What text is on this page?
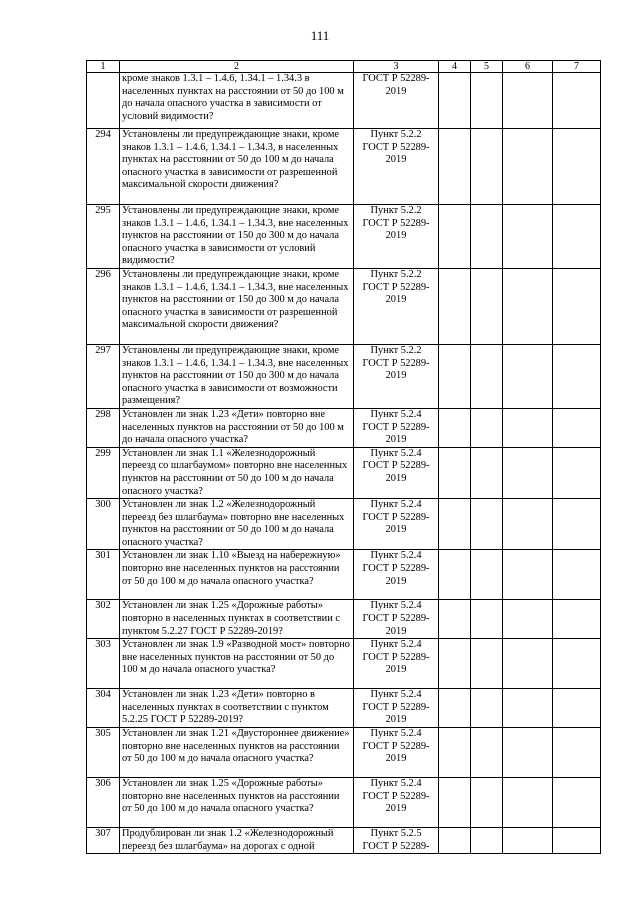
111
1	2	3	4	5	6	7
	кроме знаков 1.3.1 – 1.4.6, 1.34.1 – 1.34.3 в населенных пунктах на расстоянии от 50 до 100 м до начала опасного участка в зависимости от условий видимости?	ГОСТ Р 52289-2019				
294	Установлены ли предупреждающие знаки, кроме знаков 1.3.1 – 1.4.6, 1.34.1 – 1.34.3, в населенных пунктах на расстоянии от 50 до 100 м до начала опасного участка в зависимости от разрешенной максимальной скорости движения?	Пункт 5.2.2 ГОСТ Р 52289-2019				
295	Установлены ли предупреждающие знаки, кроме знаков 1.3.1 – 1.4.6, 1.34.1 – 1.34.3, вне населенных пунктов на расстоянии от 150 до 300 м до начала опасного участка в зависимости от условий видимости?	Пункт 5.2.2 ГОСТ Р 52289-2019				
296	Установлены ли предупреждающие знаки, кроме знаков 1.3.1 – 1.4.6, 1.34.1 – 1.34.3, вне населенных пунктов на расстоянии от 150 до 300 м до начала опасного участка в зависимости от разрешенной максимальной скорости движения?	Пункт 5.2.2 ГОСТ Р 52289-2019				
297	Установлены ли предупреждающие знаки, кроме знаков 1.3.1 – 1.4.6, 1.34.1 – 1.34.3, вне населенных пунктов на расстоянии от 150 до 300 м до начала опасного участка в зависимости от возможности размещения?	Пункт 5.2.2 ГОСТ Р 52289-2019				
298	Установлен ли знак 1.23 «Дети» повторно вне населенных пунктов на расстоянии от 50 до 100 м до начала опасного участка?	Пункт 5.2.4 ГОСТ Р 52289-2019				
299	Установлен ли знак 1.1 «Железнодорожный переезд со шлагбаумом» повторно вне населенных пунктов на расстоянии от 50 до 100 м до начала опасного участка?	Пункт 5.2.4 ГОСТ Р 52289-2019				
300	Установлен ли знак 1.2 «Железнодорожный переезд без шлагбаума» повторно вне населенных пунктов на расстоянии от 50 до 100 м до начала опасного участка?	Пункт 5.2.4 ГОСТ Р 52289-2019				
301	Установлен ли знак 1.10 «Выезд на набережную» повторно вне населенных пунктов на расстоянии от 50 до 100 м до начала опасного участка?	Пункт 5.2.4 ГОСТ Р 52289-2019				
302	Установлен ли знак 1.25 «Дорожные работы» повторно в населенных пунктах в соответствии с пунктом 5.2.27 ГОСТ Р 52289-2019?	Пункт 5.2.4 ГОСТ Р 52289-2019				
303	Установлен ли знак 1.9 «Разводной мост» повторно вне населенных пунктов на расстоянии от 50 до 100 м до начала опасного участка?	Пункт 5.2.4 ГОСТ Р 52289-2019				
304	Установлен ли знак 1.23 «Дети» повторно в населенных пунктах в соответствии с пунктом 5.2.25 ГОСТ Р 52289-2019?	Пункт 5.2.4 ГОСТ Р 52289-2019				
305	Установлен ли знак 1.21 «Двустороннее движение» повторно вне населенных пунктов на расстоянии от 50 до 100 м до начала опасного участка?	Пункт 5.2.4 ГОСТ Р 52289-2019				
306	Установлен ли знак 1.25 «Дорожные работы» повторно вне населенных пунктов на расстоянии от 50 до 100 м до начала опасного участка?	Пункт 5.2.4 ГОСТ Р 52289-2019				
307	Продублирован ли знак 1.2 «Железнодорожный переезд без шлагбаума» на дорогах с одной	Пункт 5.2.5 ГОСТ Р 52289-				
